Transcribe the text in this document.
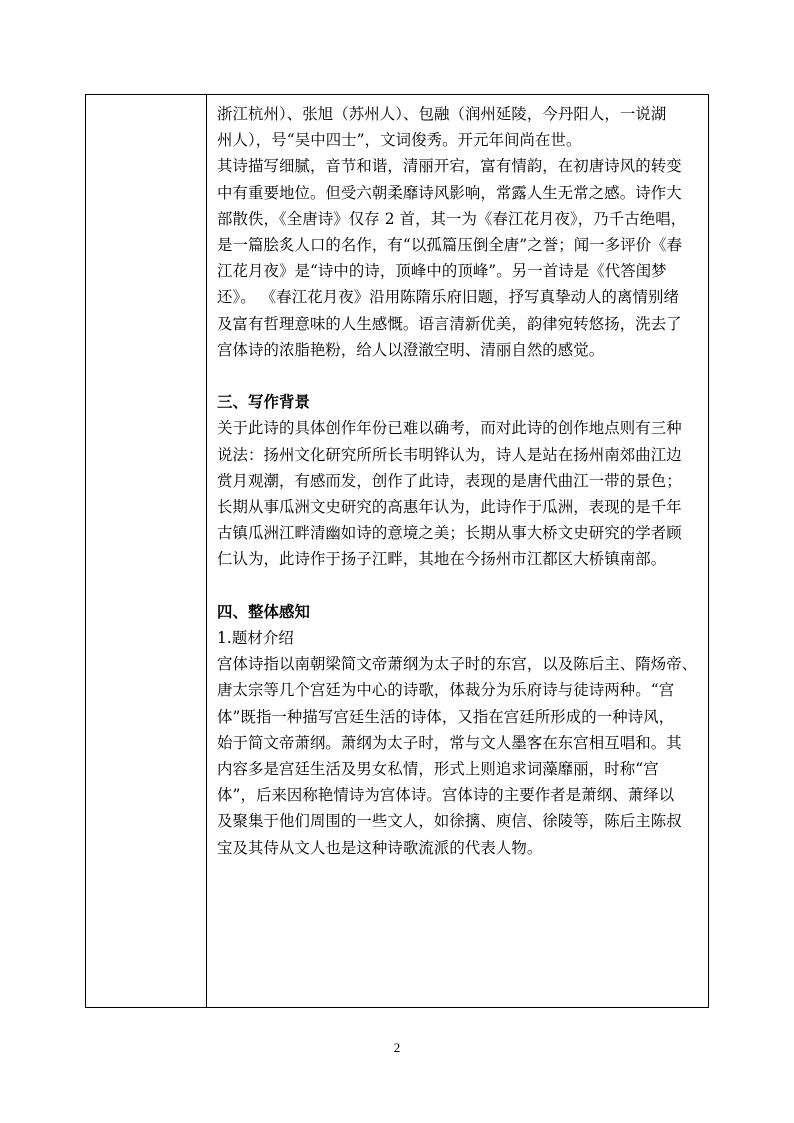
浙江杭州）、张旭（苏州人）、包融（润州延陵，今丹阳人，一说湖

州人），号“吴中四士”，文词俊秀。开元年间尚在世。

其诗描写细腻，音节和谐，清丽开宕，富有情韵，在初唐诗风的转变

中有重要地位。但受六朝柔靡诗风影响，常露人生无常之感。诗作大

部散佚，《全唐诗》仅存 2 首，其一为《春江花月夜》，乃千古绝唱，

是一篇脍炙人口的名作，有“以孤篇压倒全唐”之誉；闻一多评价《春

江花月夜》是“诗中的诗，顶峰中的顶峰”。另一首诗是《代答闺梦

还》。 《春江花月夜》沿用陈隋乐府旧题，抒写真挚动人的离情别绪

及富有哲理意味的人生感慨。语言清新优美，韵律宛转悠扬，洗去了

宫体诗的浓脂艳粉，给人以澄澈空明、清丽自然的感觉。

三、写作背景

关于此诗的具体创作年份已难以确考，而对此诗的创作地点则有三种

说法：扬州文化研究所所长韦明铧认为，诗人是站在扬州南郊曲江边

赏月观潮，有感而发，创作了此诗，表现的是唐代曲江一带的景色；

长期从事瓜洲文史研究的高惠年认为，此诗作于瓜洲，表现的是千年

古镇瓜洲江畔清幽如诗的意境之美；长期从事大桥文史研究的学者顾

仁认为，此诗作于扬子江畔，其地在今扬州市江都区大桥镇南部。

四、整体感知

1.题材介绍

宫体诗指以南朝梁简文帝萧纲为太子时的东宫，以及陈后主、隋炀帝、

唐太宗等几个宫廷为中心的诗歌，体裁分为乐府诗与徒诗两种。“宫

体”既指一种描写宫廷生活的诗体，又指在宫廷所形成的一种诗风，

始于简文帝萧纲。萧纲为太子时，常与文人墨客在东宫相互唱和。其

内容多是宫廷生活及男女私情，形式上则追求词藻靡丽，时称“宫

体”，后来因称艳情诗为宫体诗。宫体诗的主要作者是萧纲、萧绎以

及聚集于他们周围的一些文人，如徐摛、庾信、徐陵等，陈后主陈叔

宝及其侍从文人也是这种诗歌流派的代表人物。

2
